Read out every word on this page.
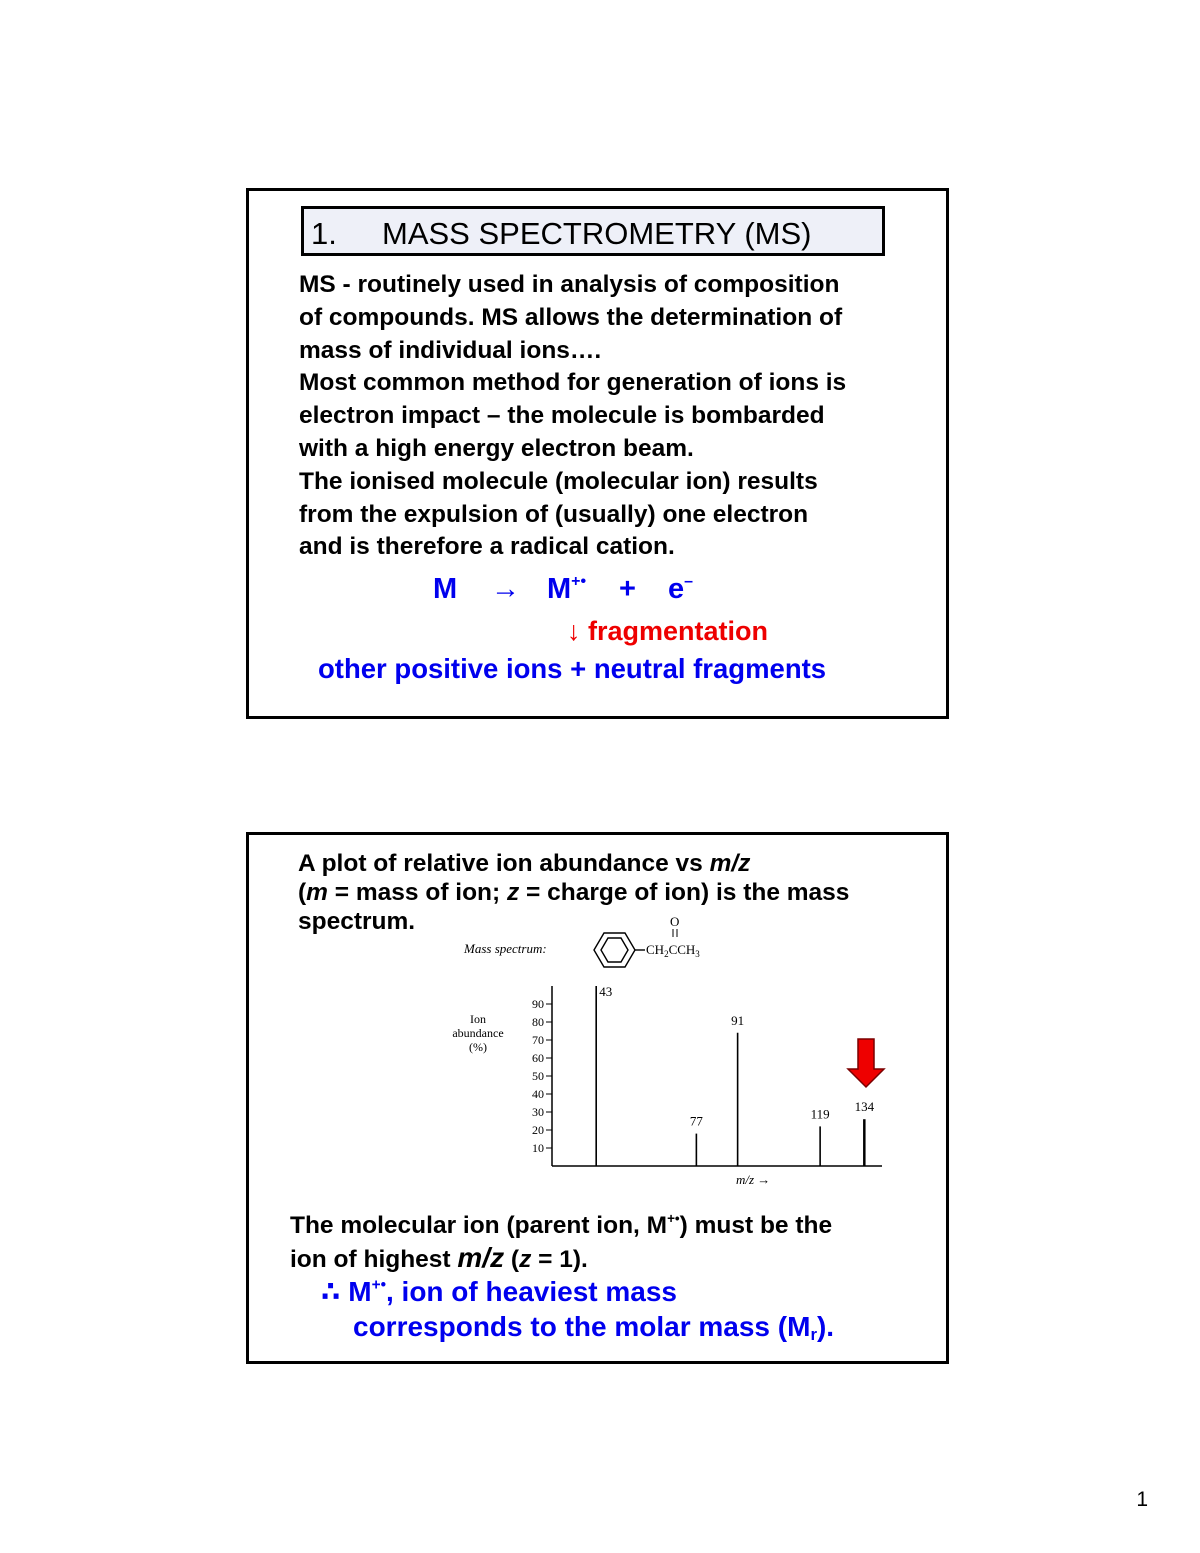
1. MASS SPECTROMETRY (MS)
MS - routinely used in analysis of composition
of compounds. MS allows the determination of
mass of individual ions….
Most common method for generation of ions is
electron impact – the molecule is bombarded
with a high energy electron beam.
The ionised molecule (molecular ion) results
from the expulsion of (usually) one electron
and is therefore a radical cation.
M → M+• + e–
↓ fragmentation
other positive ions + neutral fragments
A plot of relative ion abundance vs m/z
(m = mass of ion; z = charge of ion) is the mass
spectrum.
Mass spectrum:
O
$CH_2CCH_3$
Ion
abundance
(%)
10
20
30
40
50
60
70
80
90
43
77
91
119 134
m/z →
The molecular ion (parent ion, M+•) must be the
ion of highest m/z (z = 1).
∴ M+•, ion of heaviest mass
corresponds to the molar mass $(M_r)$.
1
